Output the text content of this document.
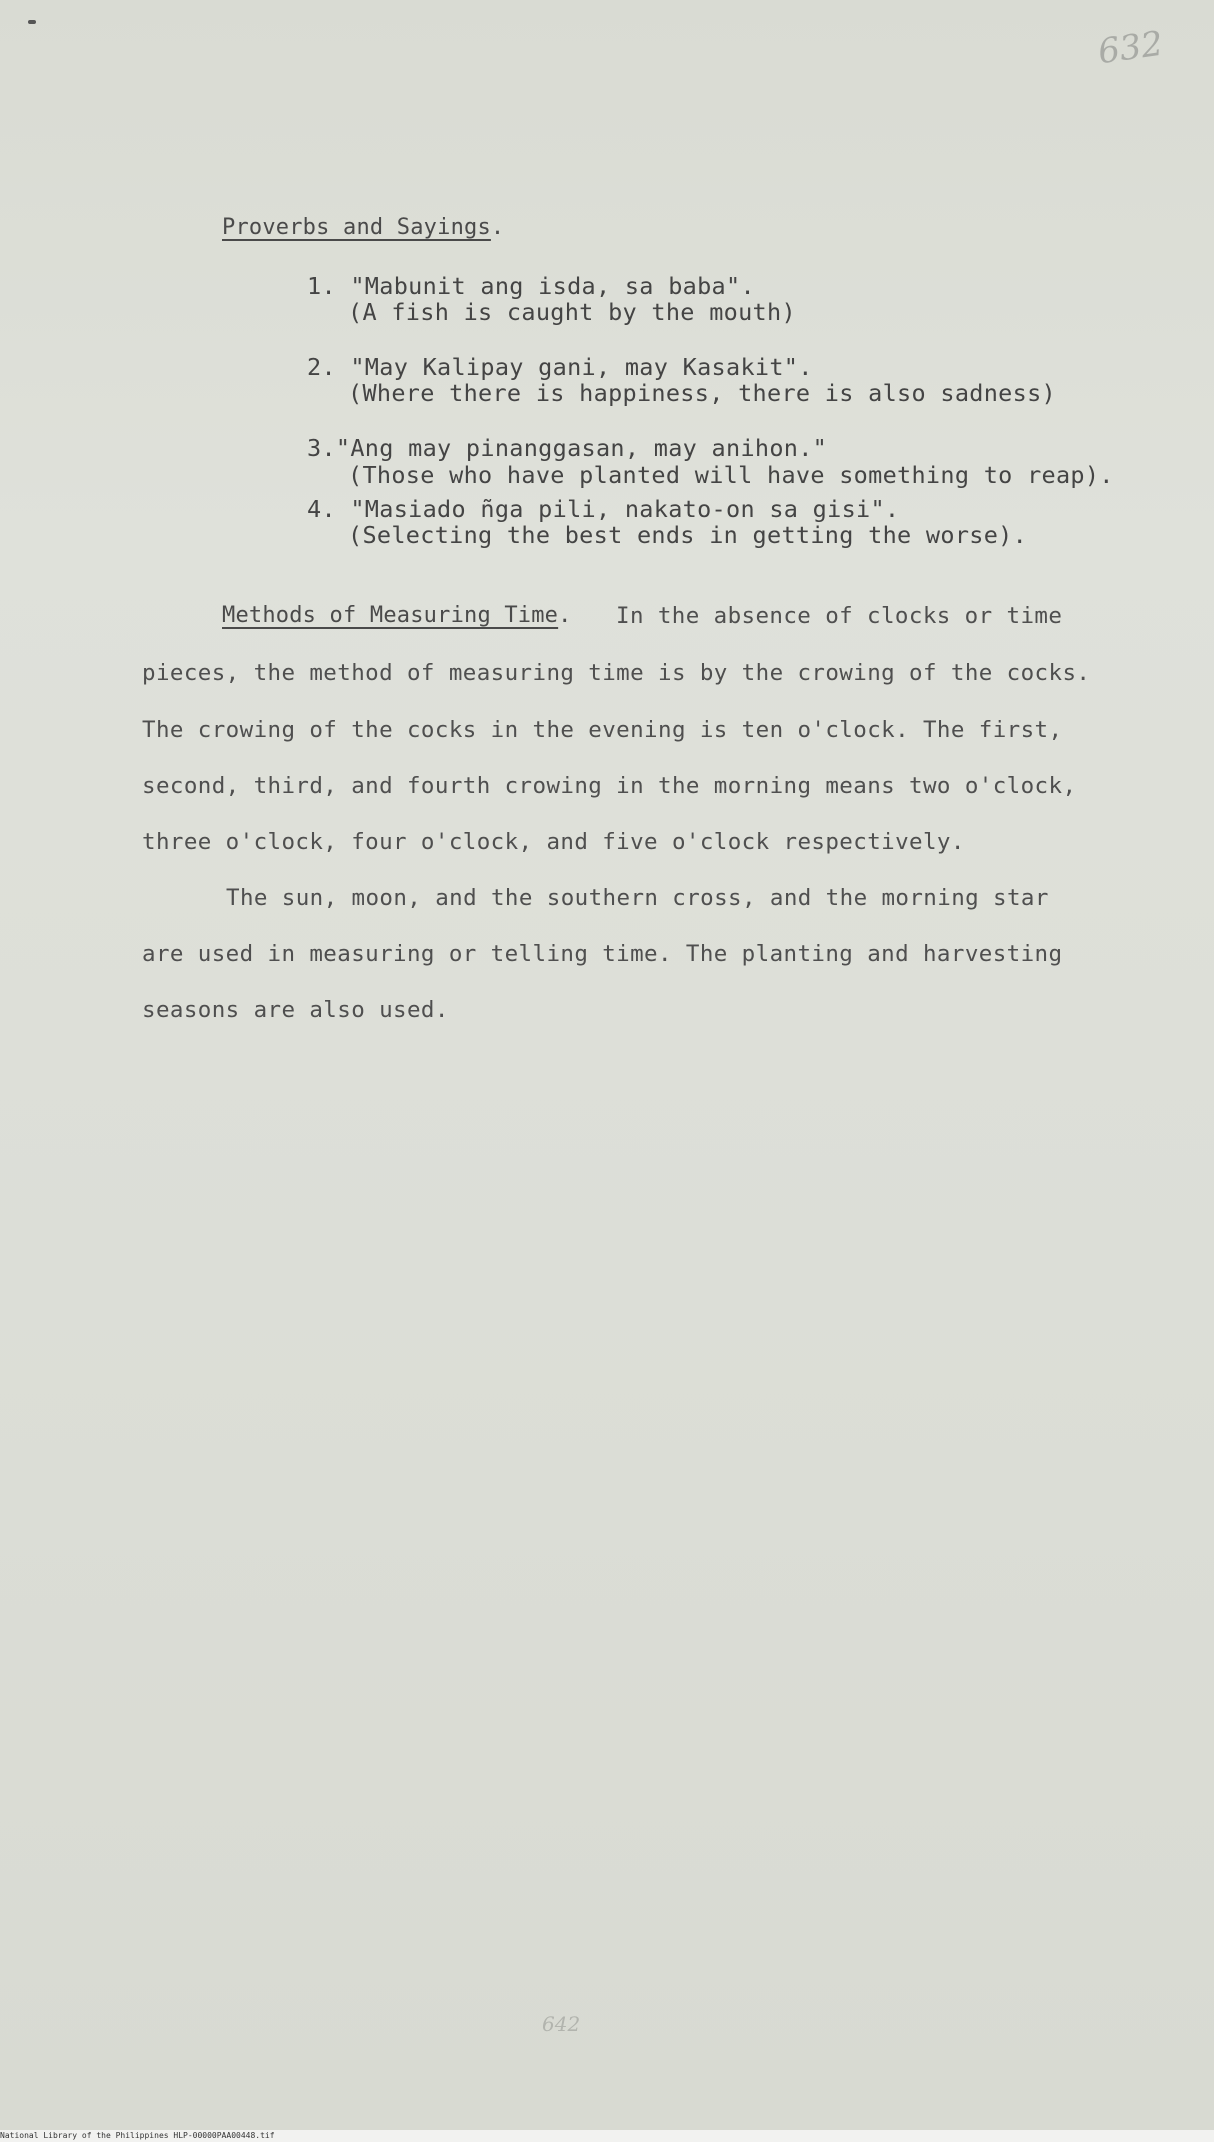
632
Proverbs and Sayings.
1. "Mabunit ang isda, sa baba".
(A fish is caught by the mouth)
2. "May Kalipay gani, may Kasakit".
(Where there is happiness, there is also sadness)
3."Ang may pinanggasan, may anihon."
(Those who have planted will have something to reap).
4. "Masiado ñga pili, nakato-on sa gisi".
(Selecting the best ends in getting the worse).
Methods of Measuring Time. In the absence of clocks or time
pieces, the method of measuring time is by the crowing of the cocks.
The crowing of the cocks in the evening is ten o'clock. The first,
second, third, and fourth crowing in the morning means two o'clock,
three o'clock, four o'clock, and five o'clock respectively.
The sun, moon, and the southern cross, and the morning star
are used in measuring or telling time. The planting and harvesting
seasons are also used.
642
National Library of the Philippines HLP-00000PAA00448.tif
